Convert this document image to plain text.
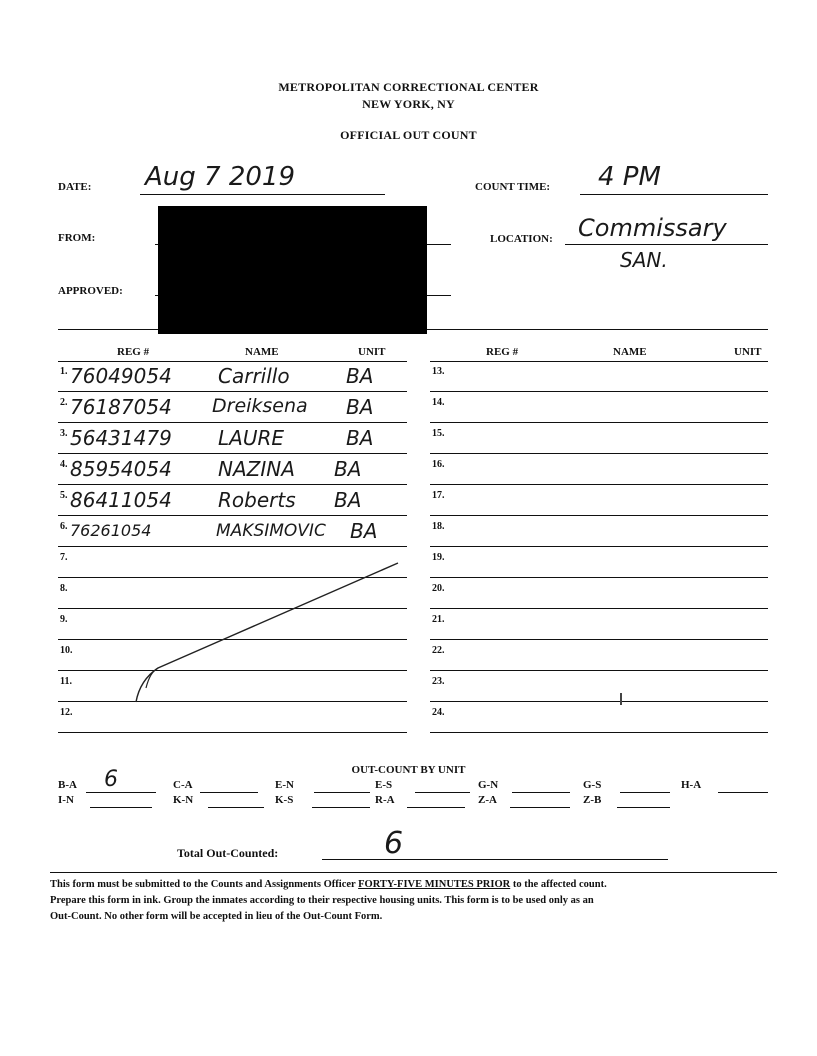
METROPOLITAN CORRECTIONAL CENTER
NEW YORK, NY
OFFICIAL OUT COUNT
DATE: Aug 7 2019	COUNT TIME: 4 PM
FROM:	LOCATION: Commissary
SAN.
APPROVED:
REG #	NAME	UNIT	REG #	NAME	UNIT
1. 76049054 Carrillo	BA
2. 76187054 Dreiksena BA
3. 56431479 LAURE	BA
4. 85954054 NAZINA BA
5. 86411054 Roberts BA
6. 76261054	MAKSIMOVIC BA
7.
8.
9.
10.
11.
12.
13.
14.
15.
16.
17.
18.
19.
20.
21.
22.
23.
24.
OUT-COUNT BY UNIT
B-A 6	C-A	E-N	E-S	G-N	G-S	H-A
I-N	K-N	K-S	R-A	Z-A	Z-B
Total Out-Counted:	6
This form must be submitted to the Counts and Assignments Officer FORTY-FIVE MINUTES PRIOR to the affected count.
Prepare this form in ink. Group the inmates according to their respective housing units. This form is to be used only as an
Out-Count. No other form will be accepted in lieu of the Out-Count Form.
